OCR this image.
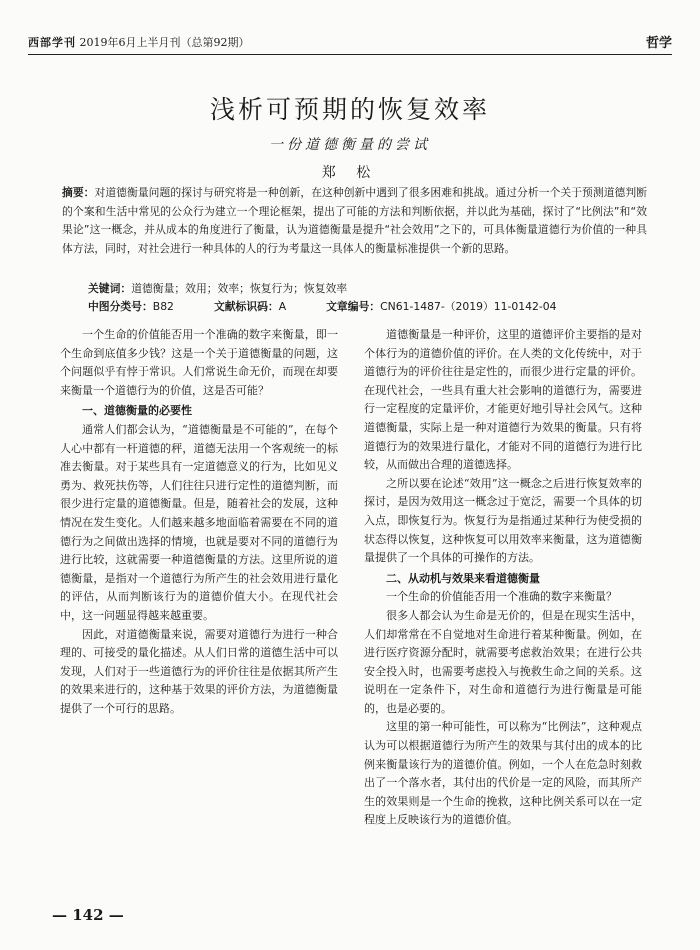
西部学刊 2019年6月上半月刊（总第92期）	哲学
浅析可预期的恢复效率
一份道德衡量的尝试
郑 松
摘要：对道德衡量问题的探讨与研究将是一种创新，在这种创新中遇到了很多困难和挑战。通过分析一个关于预测道德判断的个案和生活中常见的公众行为建立一个理论框架，提出了可能的方法和判断依据，并以此为基础，探讨了“比例法”和“效果论”这一概念，并从成本的角度进行了衡量，认为道德衡量是提升“社会效用”之下的，可具体衡量道德行为价值的一种具体方法，同时，对社会进行一种具体的人的行为考量这一具体人的衡量标准提供一个新的思路。
关键词：道德衡量；效用；效率；恢复行为；恢复效率
中图分类号：B82	文献标识码：A	文章编号：CN61-1487-（2019）11-0142-04

一个生命的价值能否用一个准确的数字来衡量，即一个生命到底值多少钱？这是一个关于道德衡量的问题，这个问题似乎有悖于常识。人们常说生命无价，而现在却要来衡量一个道德行为的价值，这是否可能？

一、道德衡量的必要性

通常人们都会认为，“道德衡量是不可能的”，在每个人心中都有一杆道德的秤，道德无法用一个客观统一的标准去衡量。对于某些具有一定道德意义的行为，比如见义勇为、救死扶伤等，人们往往只进行定性的道德判断，而很少进行定量的道德衡量。但是，随着社会的发展，这种情况在发生变化。人们越来越多地面临着需要在不同的道德行为之间做出选择的情境，也就是要对不同的道德行为进行比较，这就需要一种道德衡量的方法。这里所说的道德衡量，是指对一个道德行为所产生的社会效用进行量化的评估，从而判断该行为的道德价值大小。在现代社会中，这一问题显得越来越重要。

因此，对道德衡量来说，需要对道德行为进行一种合理的、可接受的量化描述。从人们日常的道德生活中可以发现，人们对于一些道德行为的评价往往是依据其所产生的效果来进行的，这种基于效果的评价方法，为道德衡量提供了一个可行的思路。

道德衡量是一种评价，这里的道德评价主要指的是对个体行为的道德价值的评价。在人类的文化传统中，对于道德行为的评价往往是定性的，而很少进行定量的评价。在现代社会，一些具有重大社会影响的道德行为，需要进行一定程度的定量评价，才能更好地引导社会风气。这种道德衡量，实际上是一种对道德行为效果的衡量。只有将道德行为的效果进行量化，才能对不同的道德行为进行比较，从而做出合理的道德选择。

之所以要在论述“效用”这一概念之后进行恢复效率的探讨，是因为效用这一概念过于宽泛，需要一个具体的切入点，即恢复行为。恢复行为是指通过某种行为使受损的状态得以恢复，这种恢复可以用效率来衡量，这为道德衡量提供了一个具体的可操作的方法。

二、从动机与效果来看道德衡量

一个生命的价值能否用一个准确的数字来衡量？

很多人都会认为生命是无价的，但是在现实生活中，人们却常常在不自觉地对生命进行着某种衡量。例如，在进行医疗资源分配时，就需要考虑救治效果；在进行公共安全投入时，也需要考虑投入与挽救生命之间的关系。这说明在一定条件下，对生命和道德行为进行衡量是可能的，也是必要的。

这里的第一种可能性，可以称为“比例法”，这种观点认为可以根据道德行为所产生的效果与其付出的成本的比例来衡量该行为的道德价值。例如，一个人在危急时刻救出了一个落水者，其付出的代价是一定的风险，而其所产生的效果则是一个生命的挽救，这种比例关系可以在一定程度上反映该行为的道德价值。

— 142 —
